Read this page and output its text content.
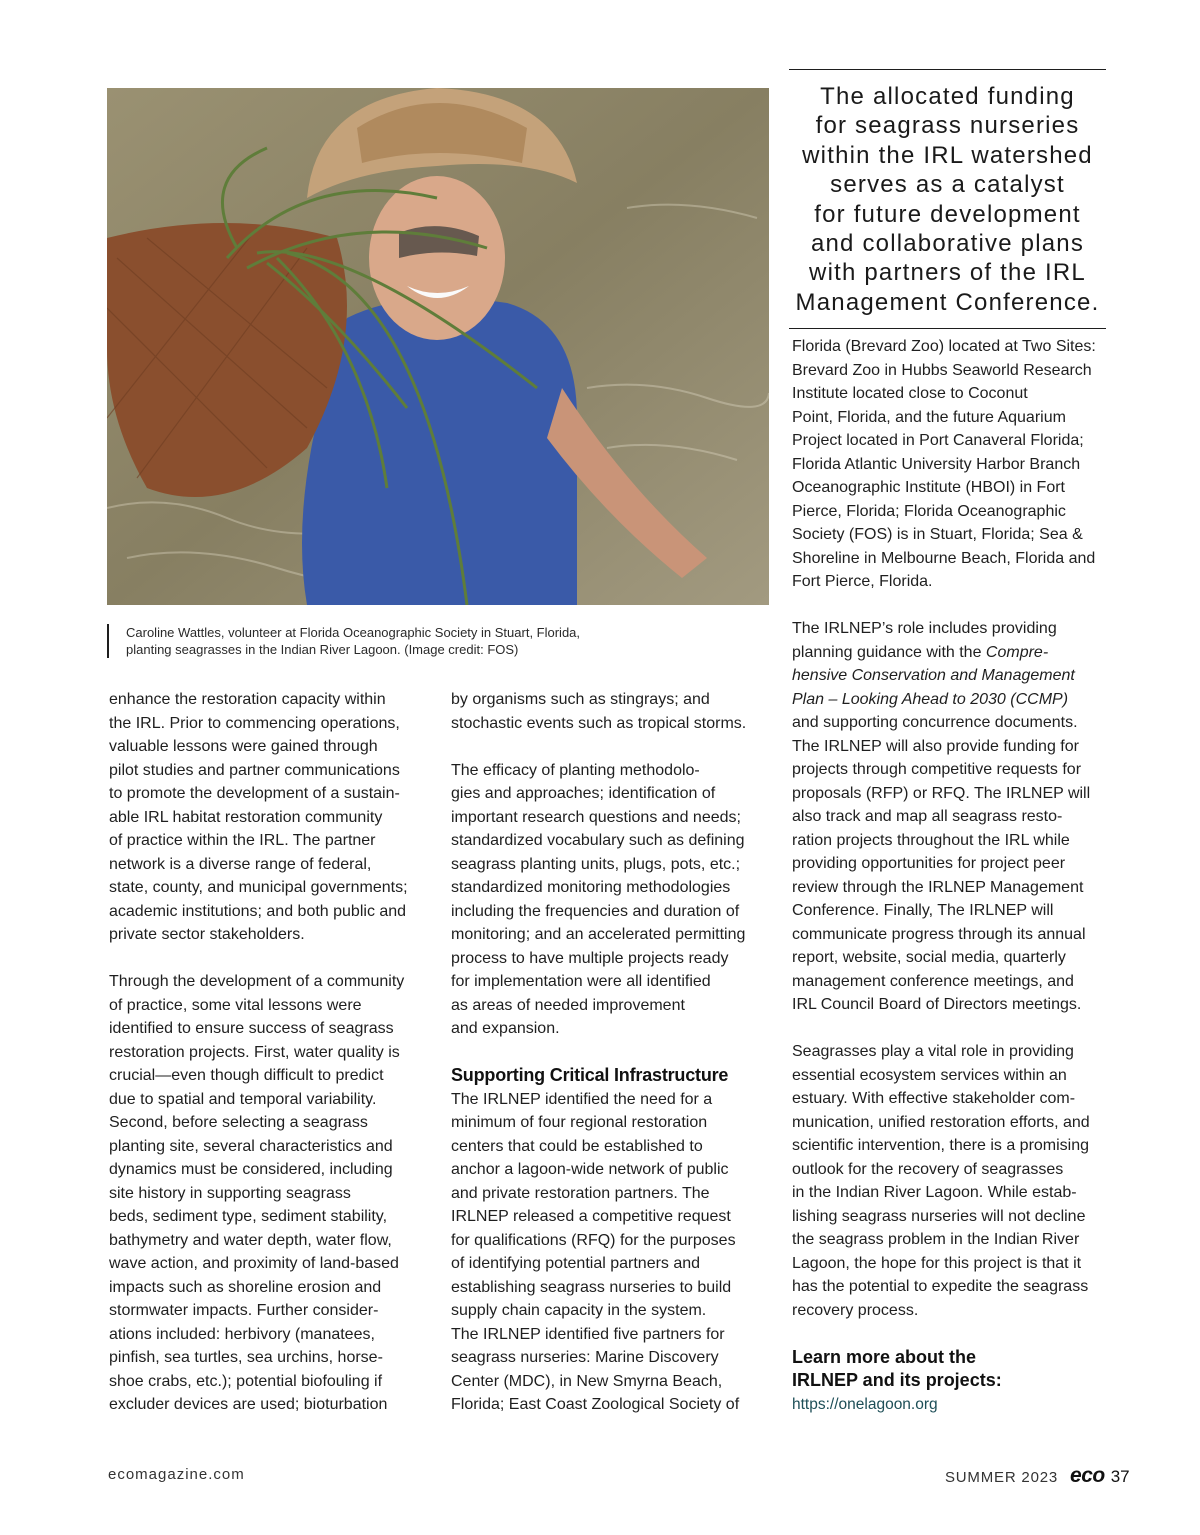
Caroline Wattles, volunteer at Florida Oceanographic Society in Stuart, Florida,
planting seagrasses in the Indian River Lagoon. (Image credit: FOS)
enhance the restoration capacity within
the IRL. Prior to commencing operations,
valuable lessons were gained through
pilot studies and partner communications
to promote the development of a sustain-
able IRL habitat restoration community
of practice within the IRL. The partner
network is a diverse range of federal,
state, county, and municipal governments;
academic institutions; and both public and
private sector stakeholders.
Through the development of a community
of practice, some vital lessons were
identified to ensure success of seagrass
restoration projects. First, water quality is
crucial—even though difficult to predict
due to spatial and temporal variability.
Second, before selecting a seagrass
planting site, several characteristics and
dynamics must be considered, including
site history in supporting seagrass
beds, sediment type, sediment stability,
bathymetry and water depth, water flow,
wave action, and proximity of land-based
impacts such as shoreline erosion and
stormwater impacts. Further consider-
ations included: herbivory (manatees,
pinfish, sea turtles, sea urchins, horse-
shoe crabs, etc.); potential biofouling if
excluder devices are used; bioturbation
by organisms such as stingrays; and
stochastic events such as tropical storms.
The efficacy of planting methodolo-
gies and approaches; identification of
important research questions and needs;
standardized vocabulary such as defining
seagrass planting units, plugs, pots, etc.;
standardized monitoring methodologies
including the frequencies and duration of
monitoring; and an accelerated permitting
process to have multiple projects ready
for implementation were all identified
as areas of needed improvement
and expansion.
Supporting Critical Infrastructure
The IRLNEP identified the need for a
minimum of four regional restoration
centers that could be established to
anchor a lagoon-wide network of public
and private restoration partners. The
IRLNEP released a competitive request
for qualifications (RFQ) for the purposes
of identifying potential partners and
establishing seagrass nurseries to build
supply chain capacity in the system.
The IRLNEP identified five partners for
seagrass nurseries: Marine Discovery
Center (MDC), in New Smyrna Beach,
Florida; East Coast Zoological Society of
The allocated funding
for seagrass nurseries
within the IRL watershed
serves as a catalyst
for future development
and collaborative plans
with partners of the IRL
Management Conference.
Florida (Brevard Zoo) located at Two Sites:
Brevard Zoo in Hubbs Seaworld Research
Institute located close to Coconut
Point, Florida, and the future Aquarium
Project located in Port Canaveral Florida;
Florida Atlantic University Harbor Branch
Oceanographic Institute (HBOI) in Fort
Pierce, Florida; Florida Oceanographic
Society (FOS) is in Stuart, Florida; Sea &
Shoreline in Melbourne Beach, Florida and
Fort Pierce, Florida.
The IRLNEP’s role includes providing
planning guidance with the Compre-
hensive Conservation and Management
Plan – Looking Ahead to 2030 (CCMP)
and supporting concurrence documents.
The IRLNEP will also provide funding for
projects through competitive requests for
proposals (RFP) or RFQ. The IRLNEP will
also track and map all seagrass resto-
ration projects throughout the IRL while
providing opportunities for project peer
review through the IRLNEP Management
Conference. Finally, The IRLNEP will
communicate progress through its annual
report, website, social media, quarterly
management conference meetings, and
IRL Council Board of Directors meetings.
Seagrasses play a vital role in providing
essential ecosystem services within an
estuary. With effective stakeholder com-
munication, unified restoration efforts, and
scientific intervention, there is a promising
outlook for the recovery of seagrasses
in the Indian River Lagoon. While estab-
lishing seagrass nurseries will not decline
the seagrass problem in the Indian River
Lagoon, the hope for this project is that it
has the potential to expedite the seagrass
recovery process.
Learn more about the
IRLNEP and its projects:
https://onelagoon.org
ecomagazine.com	SUMMER 2023 eco 37
